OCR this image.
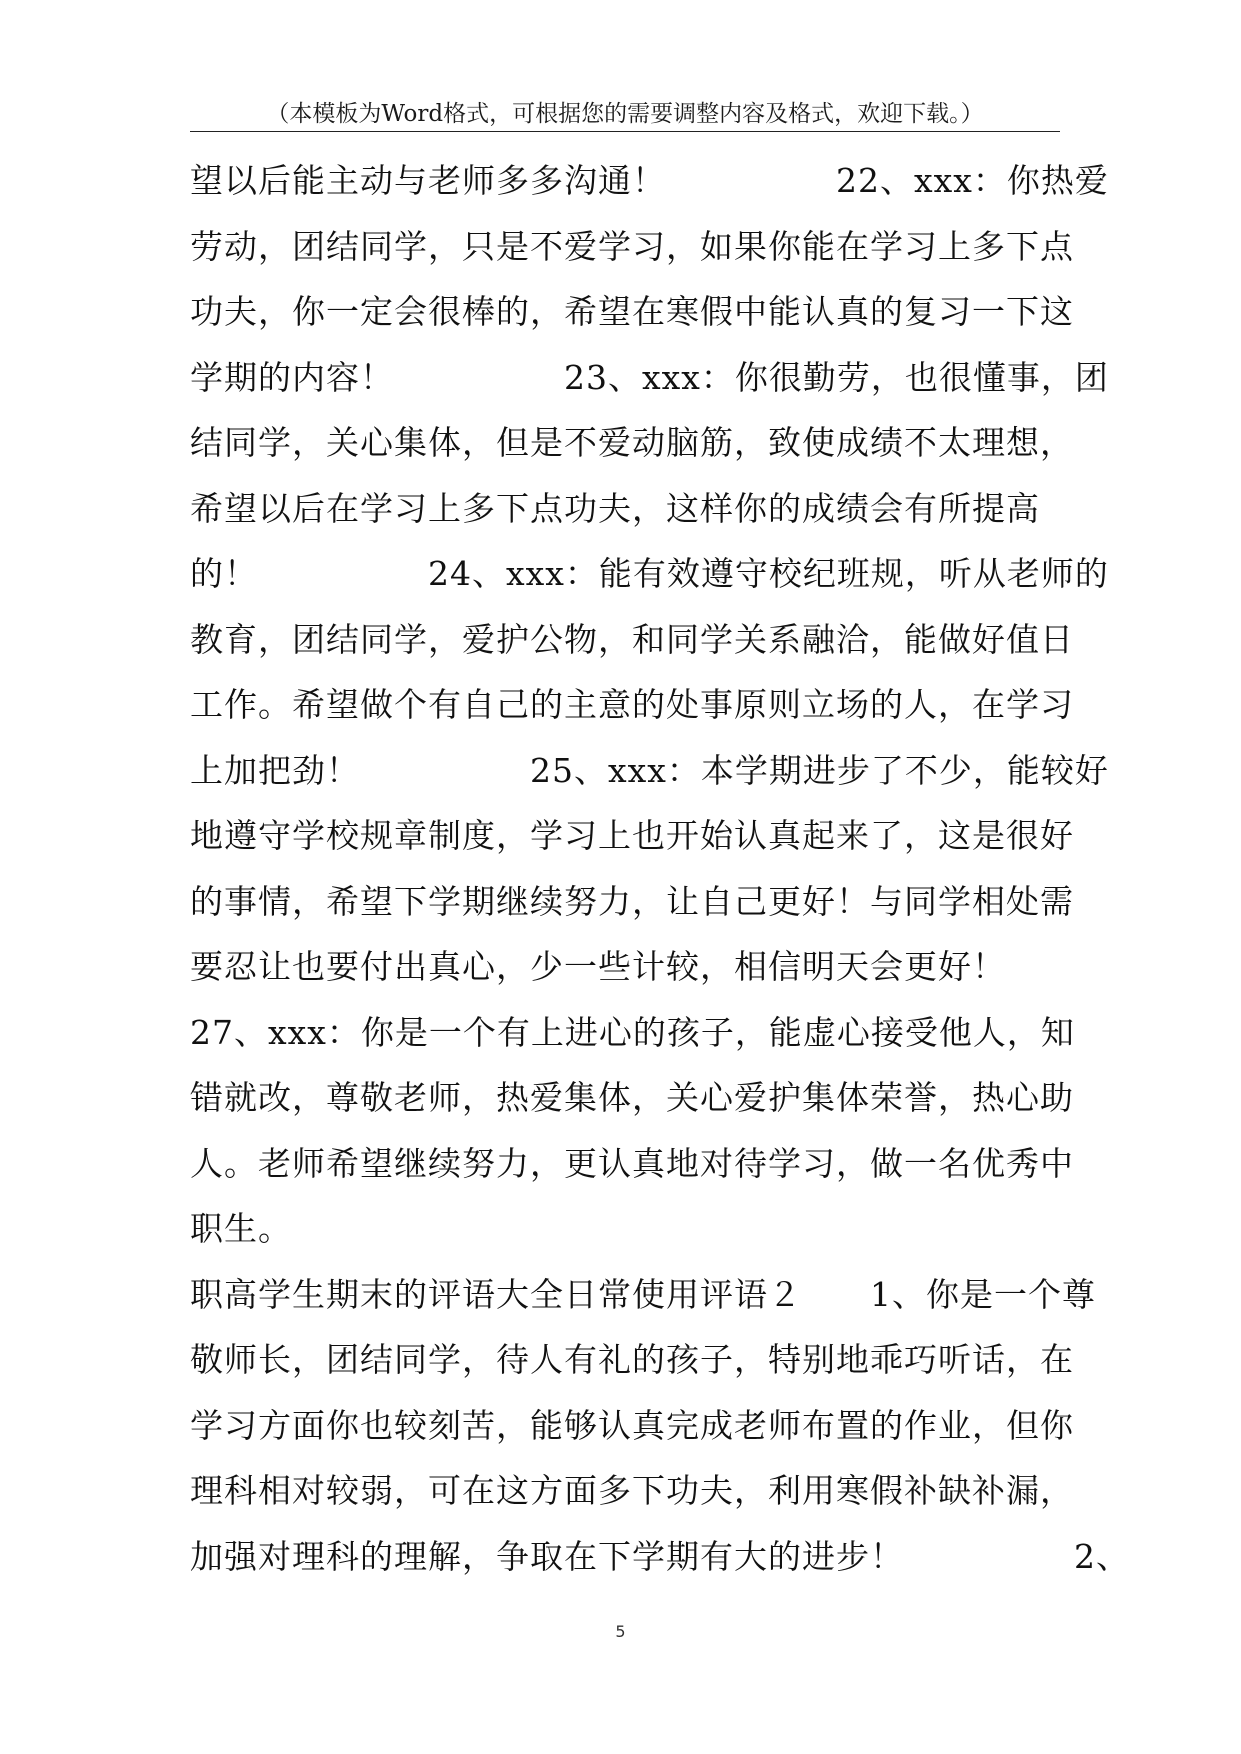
（本模板为Word格式，可根据您的需要调整内容及格式，欢迎下载。）
望以后能主动与老师多多沟通！　　　　　22、xxx：你热爱
劳动，团结同学，只是不爱学习，如果你能在学习上多下点
功夫，你一定会很棒的，希望在寒假中能认真的复习一下这
学期的内容！　　　　　23、xxx：你很勤劳，也很懂事，团
结同学，关心集体，但是不爱动脑筋，致使成绩不太理想，
希望以后在学习上多下点功夫，这样你的成绩会有所提高
的！　　　　　24、xxx：能有效遵守校纪班规，听从老师的
教育，团结同学，爱护公物，和同学关系融洽，能做好值日
工作。希望做个有自己的主意的处事原则立场的人，在学习
上加把劲！　　　　　25、xxx：本学期进步了不少，能较好
地遵守学校规章制度，学习上也开始认真起来了，这是很好
的事情，希望下学期继续努力，让自己更好！与同学相处需
要忍让也要付出真心，少一些计较，相信明天会更好！
27、xxx：你是一个有上进心的孩子，能虚心接受他人，知
错就改，尊敬老师，热爱集体，关心爱护集体荣誉，热心助
人。老师希望继续努力，更认真地对待学习，做一名优秀中
职生。
职高学生期末的评语大全日常使用评语２　　1、你是一个尊
敬师长，团结同学，待人有礼的孩子，特别地乖巧听话，在
学习方面你也较刻苦，能够认真完成老师布置的作业，但你
理科相对较弱，可在这方面多下功夫，利用寒假补缺补漏，
加强对理科的理解，争取在下学期有大的进步！　　　　　2、
5
